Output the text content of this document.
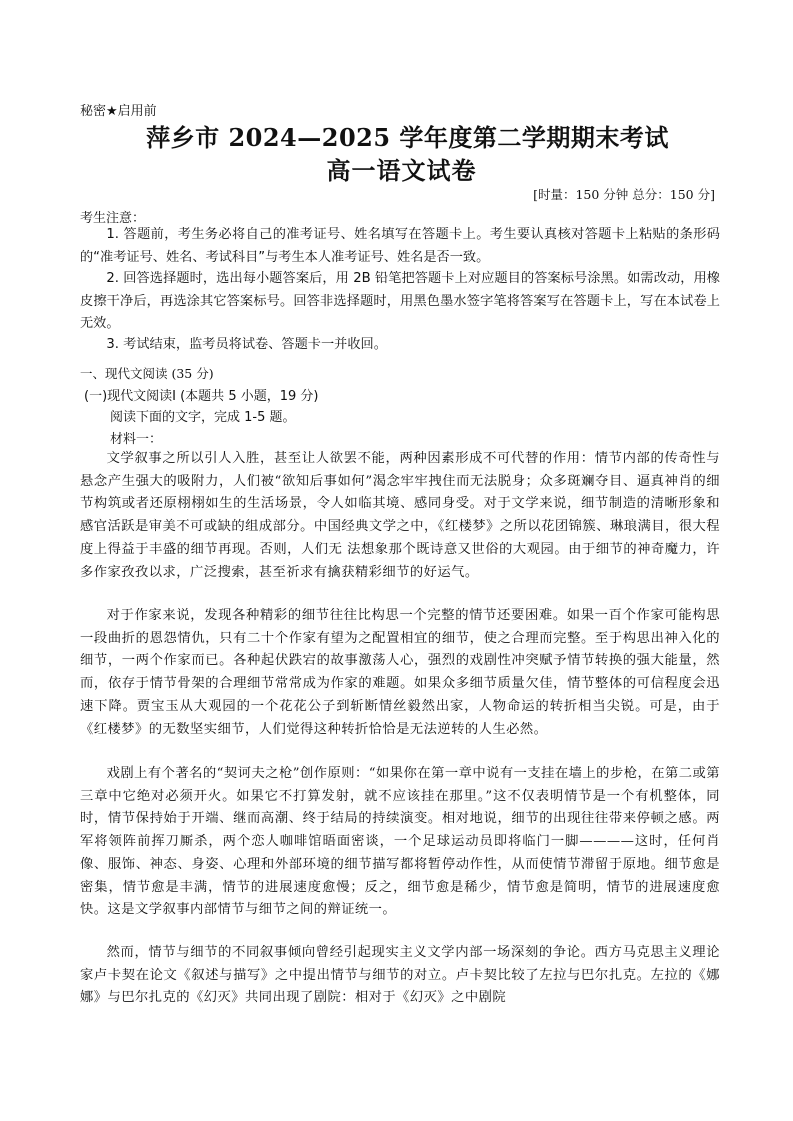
秘密★启用前
萍乡市 2024—2025 学年度第二学期期末考试
高一语文试卷
[时量：150 分钟 总分：150 分]
考生注意：
1. 答题前，考生务必将自己的准考证号、姓名填写在答题卡上。考生要认真核对答题卡上粘贴的条形码的“准考证号、姓名、考试科目”与考生本人准考证号、姓名是否一致。
2. 回答选择题时，选出每小题答案后，用 2B 铅笔把答题卡上对应题目的答案标号涂黑。如需改动，用橡皮擦干净后，再选涂其它答案标号。回答非选择题时，用黑色墨水签字笔将答案写在答题卡上，写在本试卷上无效。
3. 考试结束，监考员将试卷、答题卡一并收回。
一、现代文阅读 (35 分)
(一)现代文阅读Ⅰ (本题共 5 小题，19 分)
阅读下面的文字，完成 1-5 题。
材料一：
文学叙事之所以引人入胜，甚至让人欲罢不能，两种因素形成不可代替的作用：情节内部的传奇性与悬念产生强大的吸附力，人们被“欲知后事如何”渴念牢牢拽住而无法脱身；众多斑斓夺目、逼真神肖的细节构筑或者还原栩栩如生的生活场景，令人如临其境、感同身受。对于文学来说，细节制造的清晰形象和感官活跃是审美不可或缺的组成部分。中国经典文学之中，《红楼梦》之所以花团锦簇、琳琅满目，很大程度上得益于丰盛的细节再现。否则，人们无 法想象那个既诗意又世俗的大观园。由于细节的神奇魔力，许多作家孜孜以求，广泛搜索，甚至祈求有擒获精彩细节的好运气。
对于作家来说，发现各种精彩的细节往往比构思一个完整的情节还要困难。如果一百个作家可能构思一段曲折的恩怨情仇，只有二十个作家有望为之配置相宜的细节，使之合理而完整。至于构思出神入化的细节，一两个作家而已。各种起伏跌宕的故事激荡人心，强烈的戏剧性冲突赋予情节转换的强大能量，然而，依存于情节骨架的合理细节常常成为作家的难题。如果众多细节质量欠佳，情节整体的可信程度会迅速下降。贾宝玉从大观园的一个花花公子到斩断情丝毅然出家，人物命运的转折相当尖锐。可是，由于《红楼梦》的无数坚实细节，人们觉得这种转折恰恰是无法逆转的人生必然。
戏剧上有个著名的“契诃夫之枪”创作原则：“如果你在第一章中说有一支挂在墙上的步枪，在第二或第三章中它绝对必须开火。如果它不打算发射，就不应该挂在那里。”这不仅表明情节是一个有机整体，同时，情节保持始于开端、继而高潮、终于结局的持续演变。相对地说，细节的出现往往带来停顿之感。两军将领阵前挥刀厮杀，两个恋人咖啡馆晤面密谈，一个足球运动员即将临门一脚————这时，任何肖像、服饰、神态、身姿、心理和外部环境的细节描写都将暂停动作性，从而使情节滞留于原地。细节愈是密集，情节愈是丰满，情节的进展速度愈慢；反之，细节愈是稀少，情节愈是简明，情节的进展速度愈快。这是文学叙事内部情节与细节之间的辩证统一。
然而，情节与细节的不同叙事倾向曾经引起现实主义文学内部一场深刻的争论。西方马克思主义理论家卢卡契在论文《叙述与描写》之中提出情节与细节的对立。卢卡契比较了左拉与巴尔扎克。左拉的《娜娜》与巴尔扎克的《幻灭》共同出现了剧院：相对于《幻灭》之中剧院
